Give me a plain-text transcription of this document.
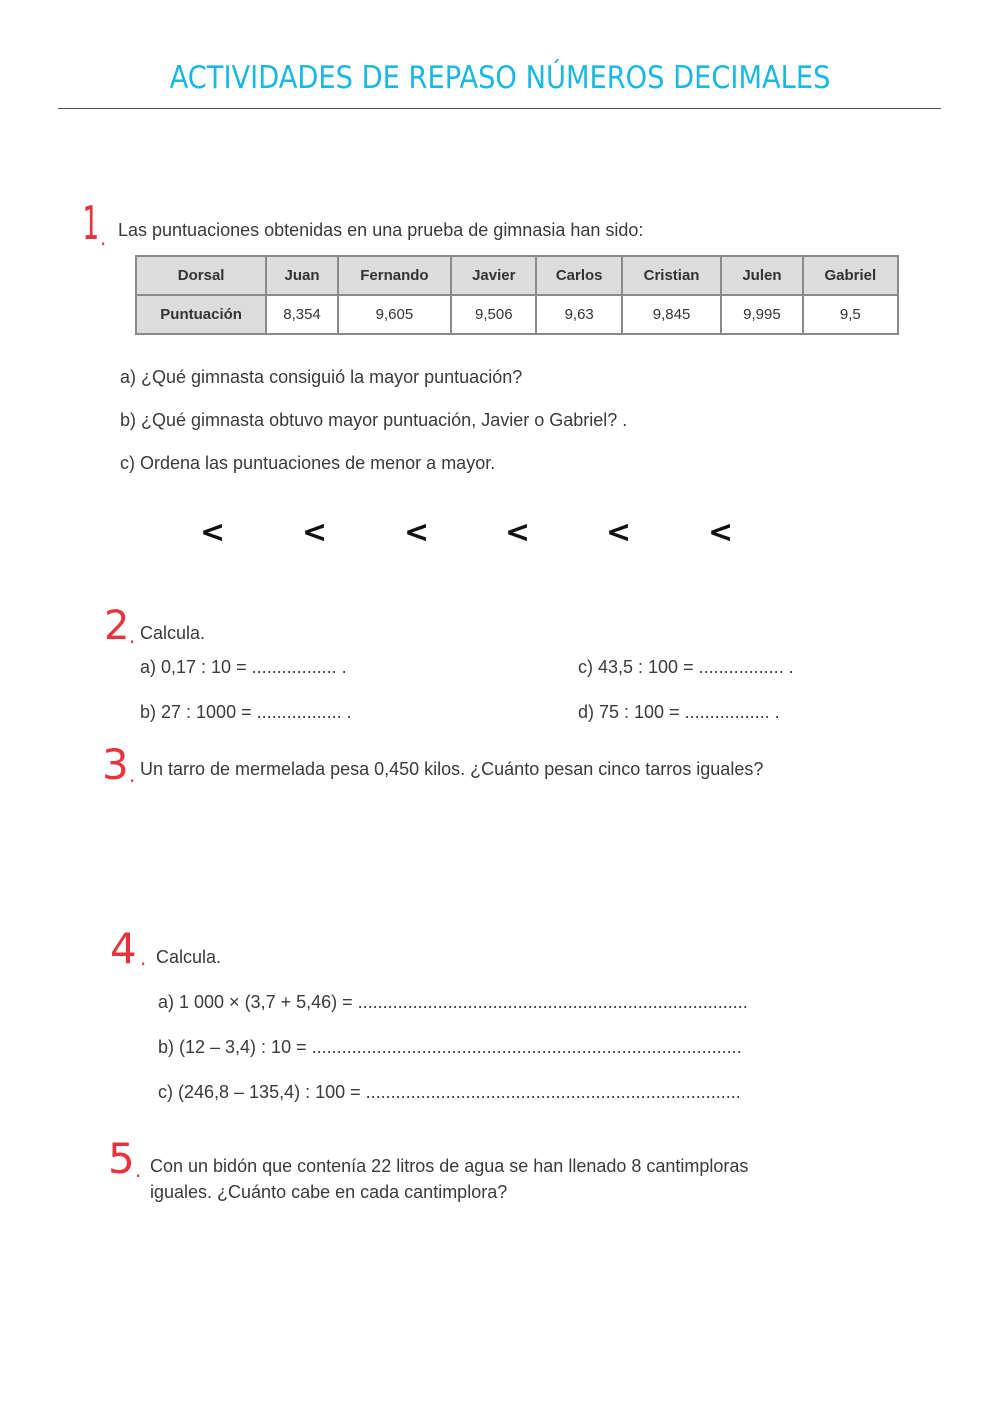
ACTIVIDADES DE REPASO NÚMEROS DECIMALES
1 . Las puntuaciones obtenidas en una prueba de gimnasia han sido:
Dorsal	Juan	Fernando	Javier	Carlos	Cristian	Julen	Gabriel
Puntuación	8,354	9,605	9,506	9,63	9,845	9,995	9,5
a) ¿Qué gimnasta consiguió la mayor puntuación?
b) ¿Qué gimnasta obtuvo mayor puntuación, Javier o Gabriel? .
c) Ordena las puntuaciones de menor a mayor.
<	<	<	<	<	<
2 . Calcula.
a) 0,17 : 10 = ................. .
b) 27 : 1000 = ................. .
c) 43,5 : 100 = ................. .
d) 75 : 100 = ................. .
3 . Un tarro de mermelada pesa 0,450 kilos. ¿Cuánto pesan cinco tarros iguales?
4 . Calcula.
a) 1 000 × (3,7 + 5,46) = ..............................................................................
b) (12 – 3,4) : 10 = ......................................................................................
c) (246,8 – 135,4) : 100 = ...........................................................................
5 . Con un bidón que contenía 22 litros de agua se han llenado 8 cantimploras
iguales. ¿Cuánto cabe en cada cantimplora?
